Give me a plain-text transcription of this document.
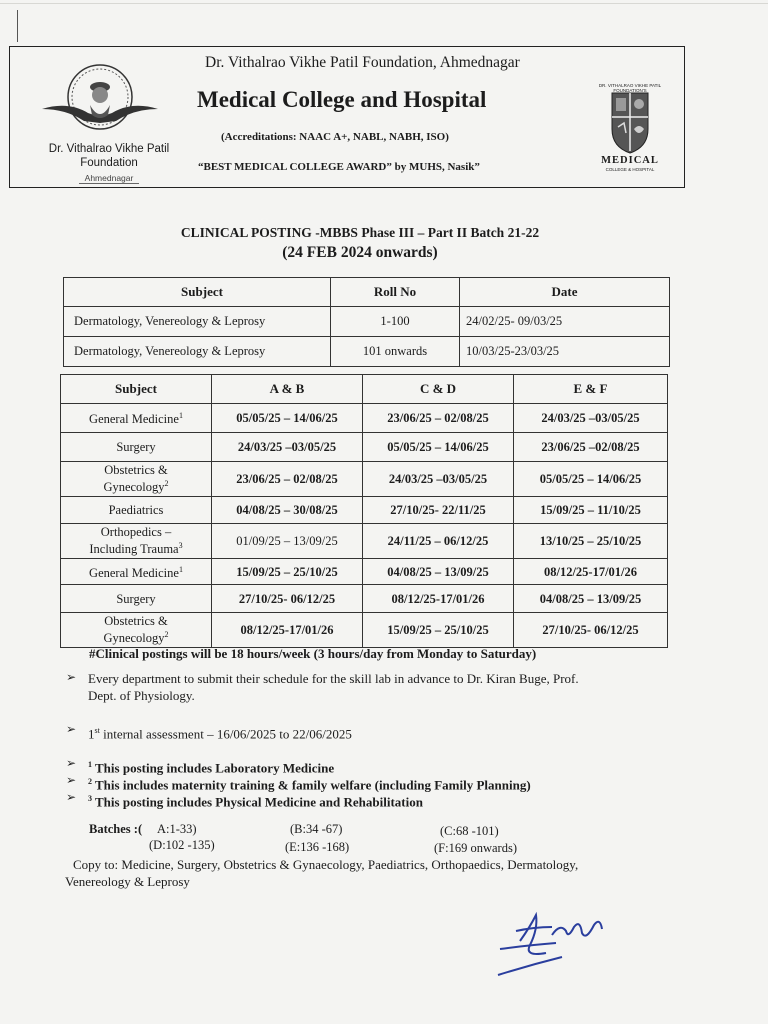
Dr. Vithalrao Vikhe Patil
Foundation
Ahmednagar
Dr. Vithalrao Vikhe Patil Foundation, Ahmednagar
Medical College and Hospital
(Accreditations: NAAC A+, NABL, NABH, ISO)
“BEST MEDICAL COLLEGE AWARD” by MUHS, Nasik”
DR. VITHALRAO VIKHE PATIL FOUNDATION'S
MEDICAL
COLLEGE & HOSPITAL
CLINICAL POSTING -MBBS Phase III – Part II Batch 21-22
(24 FEB 2024 onwards)
Subject	Roll No	Date
Dermatology, Venereology & Leprosy	1-100	24/02/25- 09/03/25
Dermatology, Venereology & Leprosy	101 onwards	10/03/25-23/03/25
Subject	A & B	C & D	E & F
General Medicine$^1$	05/05/25 – 14/06/25	23/06/25 – 02/08/25	24/03/25 –03/05/25
Surgery	24/03/25 –03/05/25	05/05/25 – 14/06/25	23/06/25 –02/08/25
Obstetrics &
Gynecology$^2$	23/06/25 – 02/08/25	24/03/25 –03/05/25	05/05/25 – 14/06/25
Paediatrics	04/08/25 – 30/08/25	27/10/25- 22/11/25	15/09/25 – 11/10/25
Orthopedics –
Including Trauma$^3$	01/09/25 – 13/09/25	24/11/25 – 06/12/25	13/10/25 – 25/10/25
General Medicine$^1$	15/09/25 – 25/10/25	04/08/25 – 13/09/25	08/12/25-17/01/26
Surgery	27/10/25- 06/12/25	08/12/25-17/01/26	04/08/25 – 13/09/25
Obstetrics &
Gynecology$^2$	08/12/25-17/01/26	15/09/25 – 25/10/25	27/10/25- 06/12/25
#Clinical postings will be 18 hours/week (3 hours/day from Monday to Saturday)
➢ Every department to submit their schedule for the skill lab in advance to Dr. Kiran Buge, Prof. Dept. of Physiology.
➢ 1st internal assessment – 16/06/2025 to 22/06/2025
➢ $^1$ This posting includes Laboratory Medicine
➢ $^2$ This includes maternity training & family welfare (including Family Planning)
➢ $^3$ This posting includes Physical Medicine and Rehabilitation
Batches :( A:1-33)	(B:34 -67)	(C:68 -101)
(D:102 -135)	(E:136 -168)	(F:169 onwards)
Copy to: Medicine, Surgery, Obstetrics & Gynaecology, Paediatrics, Orthopaedics, Dermatology, Venereology & Leprosy
